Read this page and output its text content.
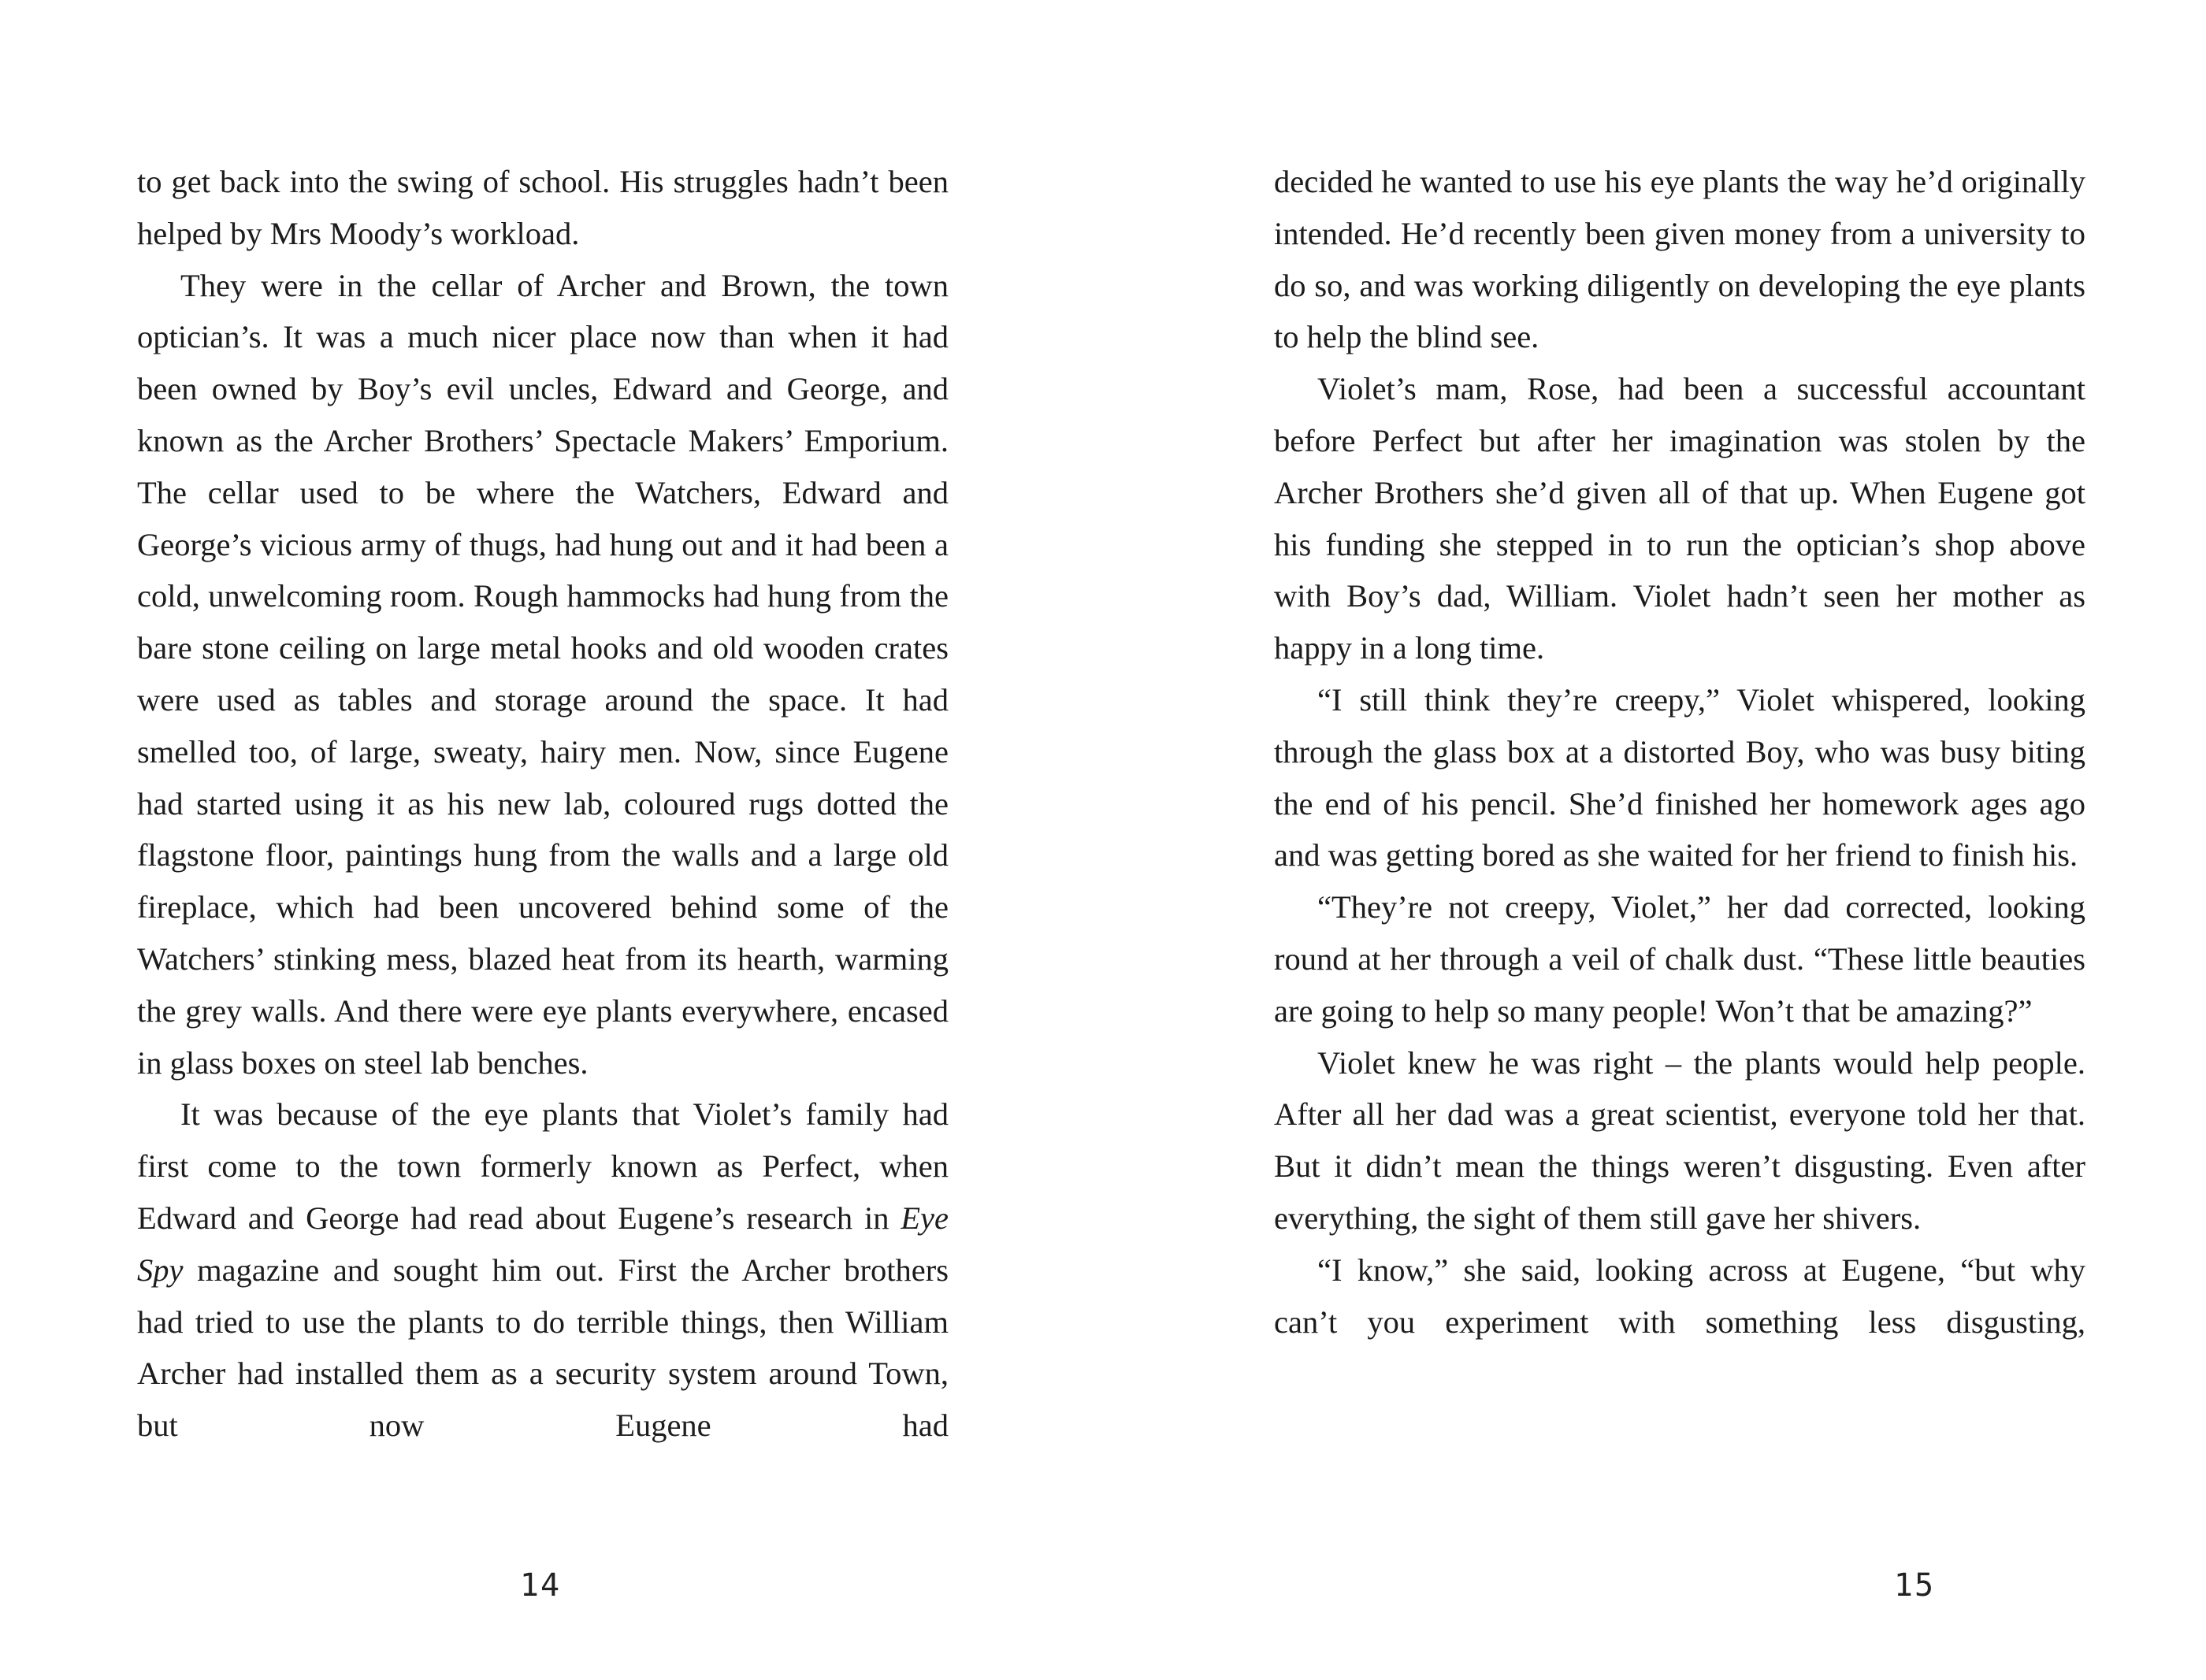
to get back into the swing of school. His struggles hadn’t been helped by Mrs Moody’s workload.

They were in the cellar of Archer and Brown, the town optician’s. It was a much nicer place now than when it had been owned by Boy’s evil uncles, Edward and George, and known as the Archer Brothers’ Spectacle Makers’ Emporium. The cellar used to be where the Watchers, Edward and George’s vicious army of thugs, had hung out and it had been a cold, unwelcoming room. Rough hammocks had hung from the bare stone ceiling on large metal hooks and old wooden crates were used as tables and storage around the space. It had smelled too, of large, sweaty, hairy men. Now, since Eugene had started using it as his new lab, coloured rugs dotted the flagstone floor, paintings hung from the walls and a large old fireplace, which had been uncovered behind some of the Watchers’ stinking mess, blazed heat from its hearth, warming the grey walls. And there were eye plants everywhere, encased in glass boxes on steel lab benches.

It was because of the eye plants that Violet’s family had first come to the town formerly known as Perfect, when Edward and George had read about Eugene’s research in Eye Spy magazine and sought him out. First the Archer brothers had tried to use the plants to do terrible things, then William Archer had installed them as a security system around Town, but now Eugene had

14

decided he wanted to use his eye plants the way he’d originally intended. He’d recently been given money from a university to do so, and was working diligently on developing the eye plants to help the blind see.

Violet’s mam, Rose, had been a successful accountant before Perfect but after her imagination was stolen by the Archer Brothers she’d given all of that up. When Eugene got his funding she stepped in to run the optician’s shop above with Boy’s dad, William. Violet hadn’t seen her mother as happy in a long time.

“I still think they’re creepy,” Violet whispered, looking through the glass box at a distorted Boy, who was busy biting the end of his pencil. She’d finished her homework ages ago and was getting bored as she waited for her friend to finish his.

“They’re not creepy, Violet,” her dad corrected, looking round at her through a veil of chalk dust. “These little beauties are going to help so many people! Won’t that be amazing?”

Violet knew he was right – the plants would help people. After all her dad was a great scientist, everyone told her that. But it didn’t mean the things weren’t disgusting. Even after everything, the sight of them still gave her shivers.

“I know,” she said, looking across at Eugene, “but why can’t you experiment with something less disgusting,

15
